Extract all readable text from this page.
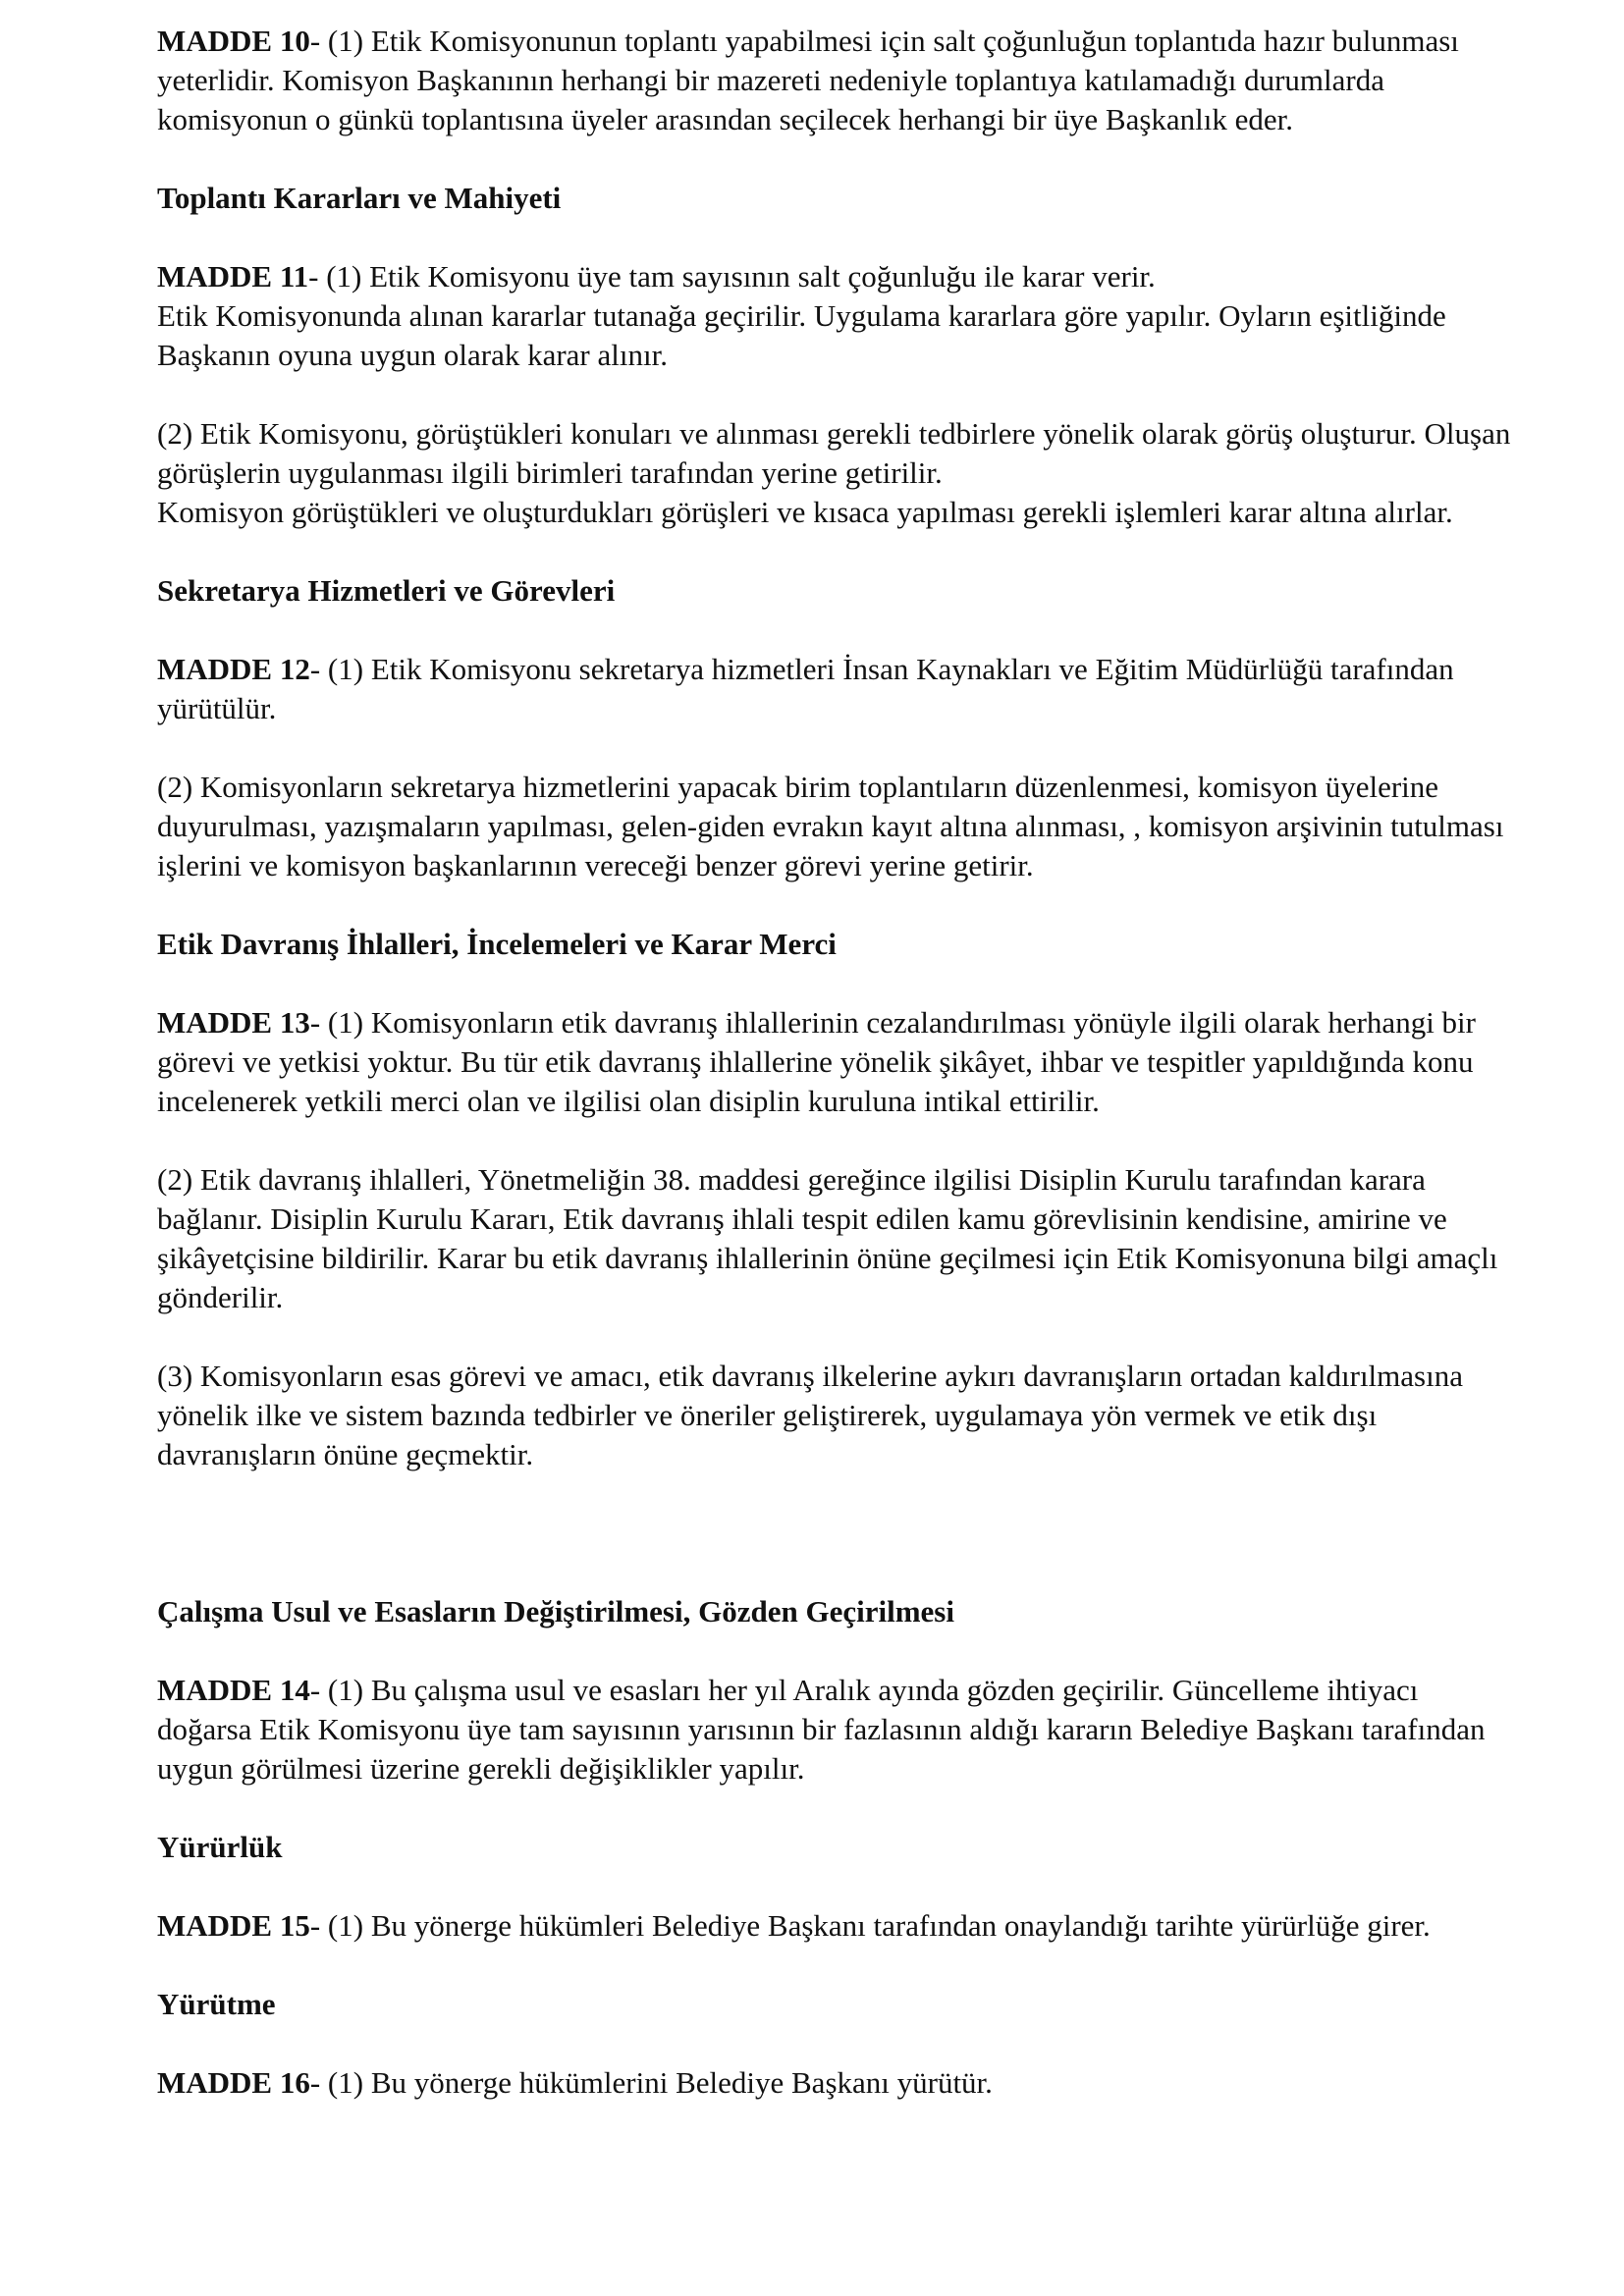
MADDE 10- (1) Etik Komisyonunun toplantı yapabilmesi için salt çoğunluğun toplantıda hazır bulunması yeterlidir. Komisyon Başkanının herhangi bir mazereti nedeniyle toplantıya katılamadığı durumlarda komisyonun o günkü toplantısına üyeler arasından seçilecek herhangi bir üye Başkanlık eder.

Toplantı Kararları ve Mahiyeti

MADDE 11- (1) Etik Komisyonu üye tam sayısının salt çoğunluğu ile karar verir.

Etik Komisyonunda alınan kararlar tutanağa geçirilir. Uygulama kararlara göre yapılır. Oyların eşitliğinde Başkanın oyuna uygun olarak karar alınır.

(2) Etik Komisyonu, görüştükleri konuları ve alınması gerekli tedbirlere yönelik olarak görüş oluşturur. Oluşan görüşlerin uygulanması ilgili birimleri tarafından yerine getirilir.

Komisyon görüştükleri ve oluşturdukları görüşleri ve kısaca yapılması gerekli işlemleri karar altına alırlar.

Sekretarya Hizmetleri ve Görevleri

MADDE 12- (1) Etik Komisyonu sekretarya hizmetleri İnsan Kaynakları ve Eğitim Müdürlüğü tarafından yürütülür.

(2) Komisyonların sekretarya hizmetlerini yapacak birim toplantıların düzenlenmesi, komisyon üyelerine duyurulması, yazışmaların yapılması, gelen-giden evrakın kayıt altına alınması, , komisyon arşivinin tutulması işlerini ve komisyon başkanlarının vereceği benzer görevi yerine getirir.

Etik Davranış İhlalleri, İncelemeleri ve Karar Merci

MADDE 13- (1) Komisyonların etik davranış ihlallerinin cezalandırılması yönüyle ilgili olarak herhangi bir görevi ve yetkisi yoktur. Bu tür etik davranış ihlallerine yönelik şikâyet, ihbar ve tespitler yapıldığında konu incelenerek yetkili merci olan ve ilgilisi olan disiplin kuruluna intikal ettirilir.

(2) Etik davranış ihlalleri, Yönetmeliğin 38. maddesi gereğince ilgilisi Disiplin Kurulu tarafından karara bağlanır. Disiplin Kurulu Kararı, Etik davranış ihlali tespit edilen kamu görevlisinin kendisine, amirine ve şikâyetçisine bildirilir. Karar bu etik davranış ihlallerinin önüne geçilmesi için Etik Komisyonuna bilgi amaçlı gönderilir.

(3) Komisyonların esas görevi ve amacı, etik davranış ilkelerine aykırı davranışların ortadan kaldırılmasına yönelik ilke ve sistem bazında tedbirler ve öneriler geliştirerek, uygulamaya yön vermek ve etik dışı davranışların önüne geçmektir.

Çalışma Usul ve Esasların Değiştirilmesi, Gözden Geçirilmesi

MADDE 14- (1) Bu çalışma usul ve esasları her yıl Aralık ayında gözden geçirilir. Güncelleme ihtiyacı doğarsa Etik Komisyonu üye tam sayısının yarısının bir fazlasının aldığı kararın Belediye Başkanı tarafından uygun görülmesi üzerine gerekli değişiklikler yapılır.

Yürürlük

MADDE 15- (1) Bu yönerge hükümleri Belediye Başkanı tarafından onaylandığı tarihte yürürlüğe girer.

Yürütme

MADDE 16- (1) Bu yönerge hükümlerini Belediye Başkanı yürütür.
